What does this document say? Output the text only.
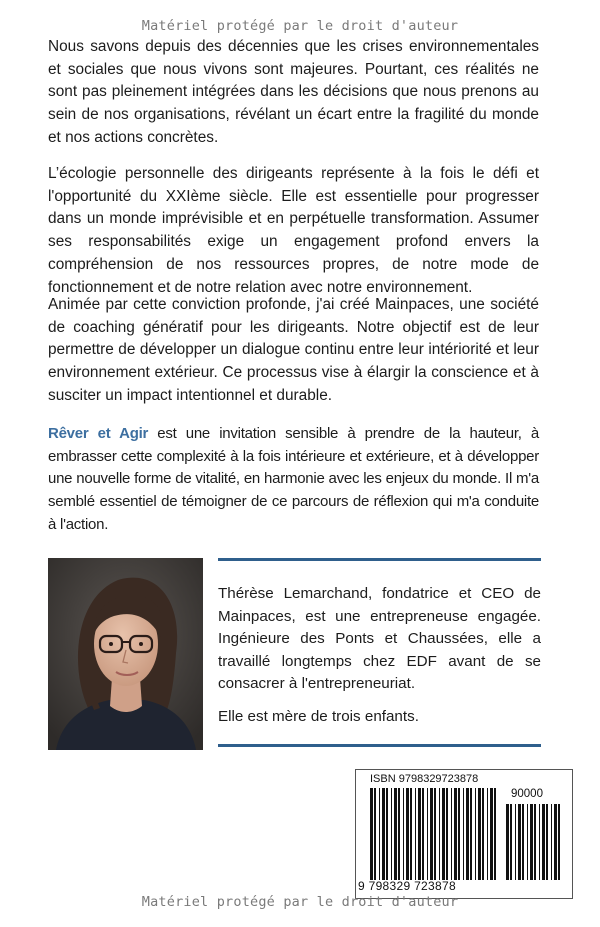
Matériel protégé par le droit d'auteur

Nous savons depuis des décennies que les crises environnementales et sociales que nous vivons sont majeures. Pourtant, ces réalités ne sont pas pleinement intégrées dans les décisions que nous prenons au sein de nos organisations, révélant un écart entre la fragilité du monde et nos actions concrètes.

L’écologie personnelle des dirigeants représente à la fois le défi et l'opportunité du XXIème siècle. Elle est essentielle pour progresser dans un monde imprévisible et en perpétuelle transformation. Assumer ses responsabilités exige un engagement profond envers la compréhension de nos ressources propres, de notre mode de fonctionnement et de notre relation avec notre environnement.

Animée par cette conviction profonde, j'ai créé Mainpaces, une société de coaching génératif pour les dirigeants. Notre objectif est de leur permettre de développer un dialogue continu entre leur intériorité et leur environnement extérieur. Ce processus vise à élargir la conscience et à susciter un impact intentionnel et durable.

Rêver et Agir est une invitation sensible à prendre de la hauteur, à embrasser cette complexité à la fois intérieure et extérieure, et à développer une nouvelle forme de vitalité, en harmonie avec les enjeux du monde. Il m'a semblé essentiel de témoigner de ce parcours de réflexion qui m'a conduite à l'action.

Thérèse Lemarchand, fondatrice et CEO de Mainpaces, est une entrepreneuse engagée. Ingénieure des Ponts et Chaussées, elle a travaillé longtemps chez EDF avant de se consacrer à l'entrepreneuriat.

Elle est mère de trois enfants.

ISBN 9798329723878
90000
9 798329 723878
Matériel protégé par le droit d'auteur
